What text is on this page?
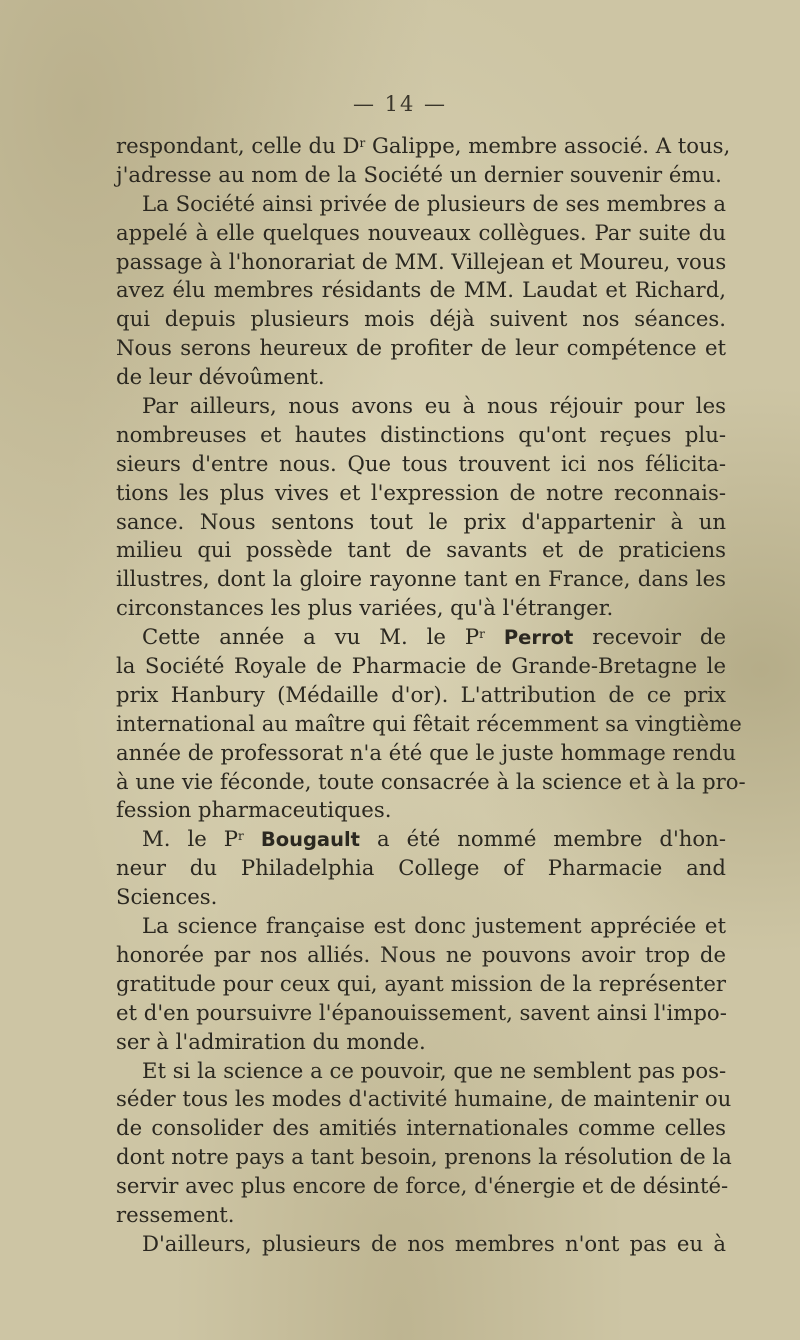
— 14 —
respondant, celle du $D^r$ Galippe, membre associé. A tous,
j'adresse au nom de la Société un dernier souvenir ému.
La Société ainsi privée de plusieurs de ses membres a
appelé à elle quelques nouveaux collègues. Par suite du
passage à l'honorariat de MM. Villejean et Moureu, vous
avez élu membres résidants de MM. Laudat et Richard,
qui depuis plusieurs mois déjà suivent nos séances.
Nous serons heureux de profiter de leur compétence et
de leur dévoûment.
Par ailleurs, nous avons eu à nous réjouir pour les
nombreuses et hautes distinctions qu'ont reçues plu-
sieurs d'entre nous. Que tous trouvent ici nos félicita-
tions les plus vives et l'expression de notre reconnais-
sance. Nous sentons tout le prix d'appartenir à un
milieu qui possède tant de savants et de praticiens
illustres, dont la gloire rayonne tant en France, dans les
circonstances les plus variées, qu'à l'étranger.
Cette année a vu M. le $P^r$ Perrot recevoir de
la Société Royale de Pharmacie de Grande-Bretagne le
prix Hanbury (Médaille d'or). L'attribution de ce prix
international au maître qui fêtait récemment sa vingtième
année de professorat n'a été que le juste hommage rendu
à une vie féconde, toute consacrée à la science et à la pro-
fession pharmaceutiques.
M. le $P^r$ Bougault a été nommé membre d'hon-
neur du Philadelphia College of Pharmacie and
Sciences.
La science française est donc justement appréciée et
honorée par nos alliés. Nous ne pouvons avoir trop de
gratitude pour ceux qui, ayant mission de la représenter
et d'en poursuivre l'épanouissement, savent ainsi l'impo-
ser à l'admiration du monde.
Et si la science a ce pouvoir, que ne semblent pas pos-
séder tous les modes d'activité humaine, de maintenir ou
de consolider des amitiés internationales comme celles
dont notre pays a tant besoin, prenons la résolution de la
servir avec plus encore de force, d'énergie et de désinté-
ressement.
D'ailleurs, plusieurs de nos membres n'ont pas eu à
